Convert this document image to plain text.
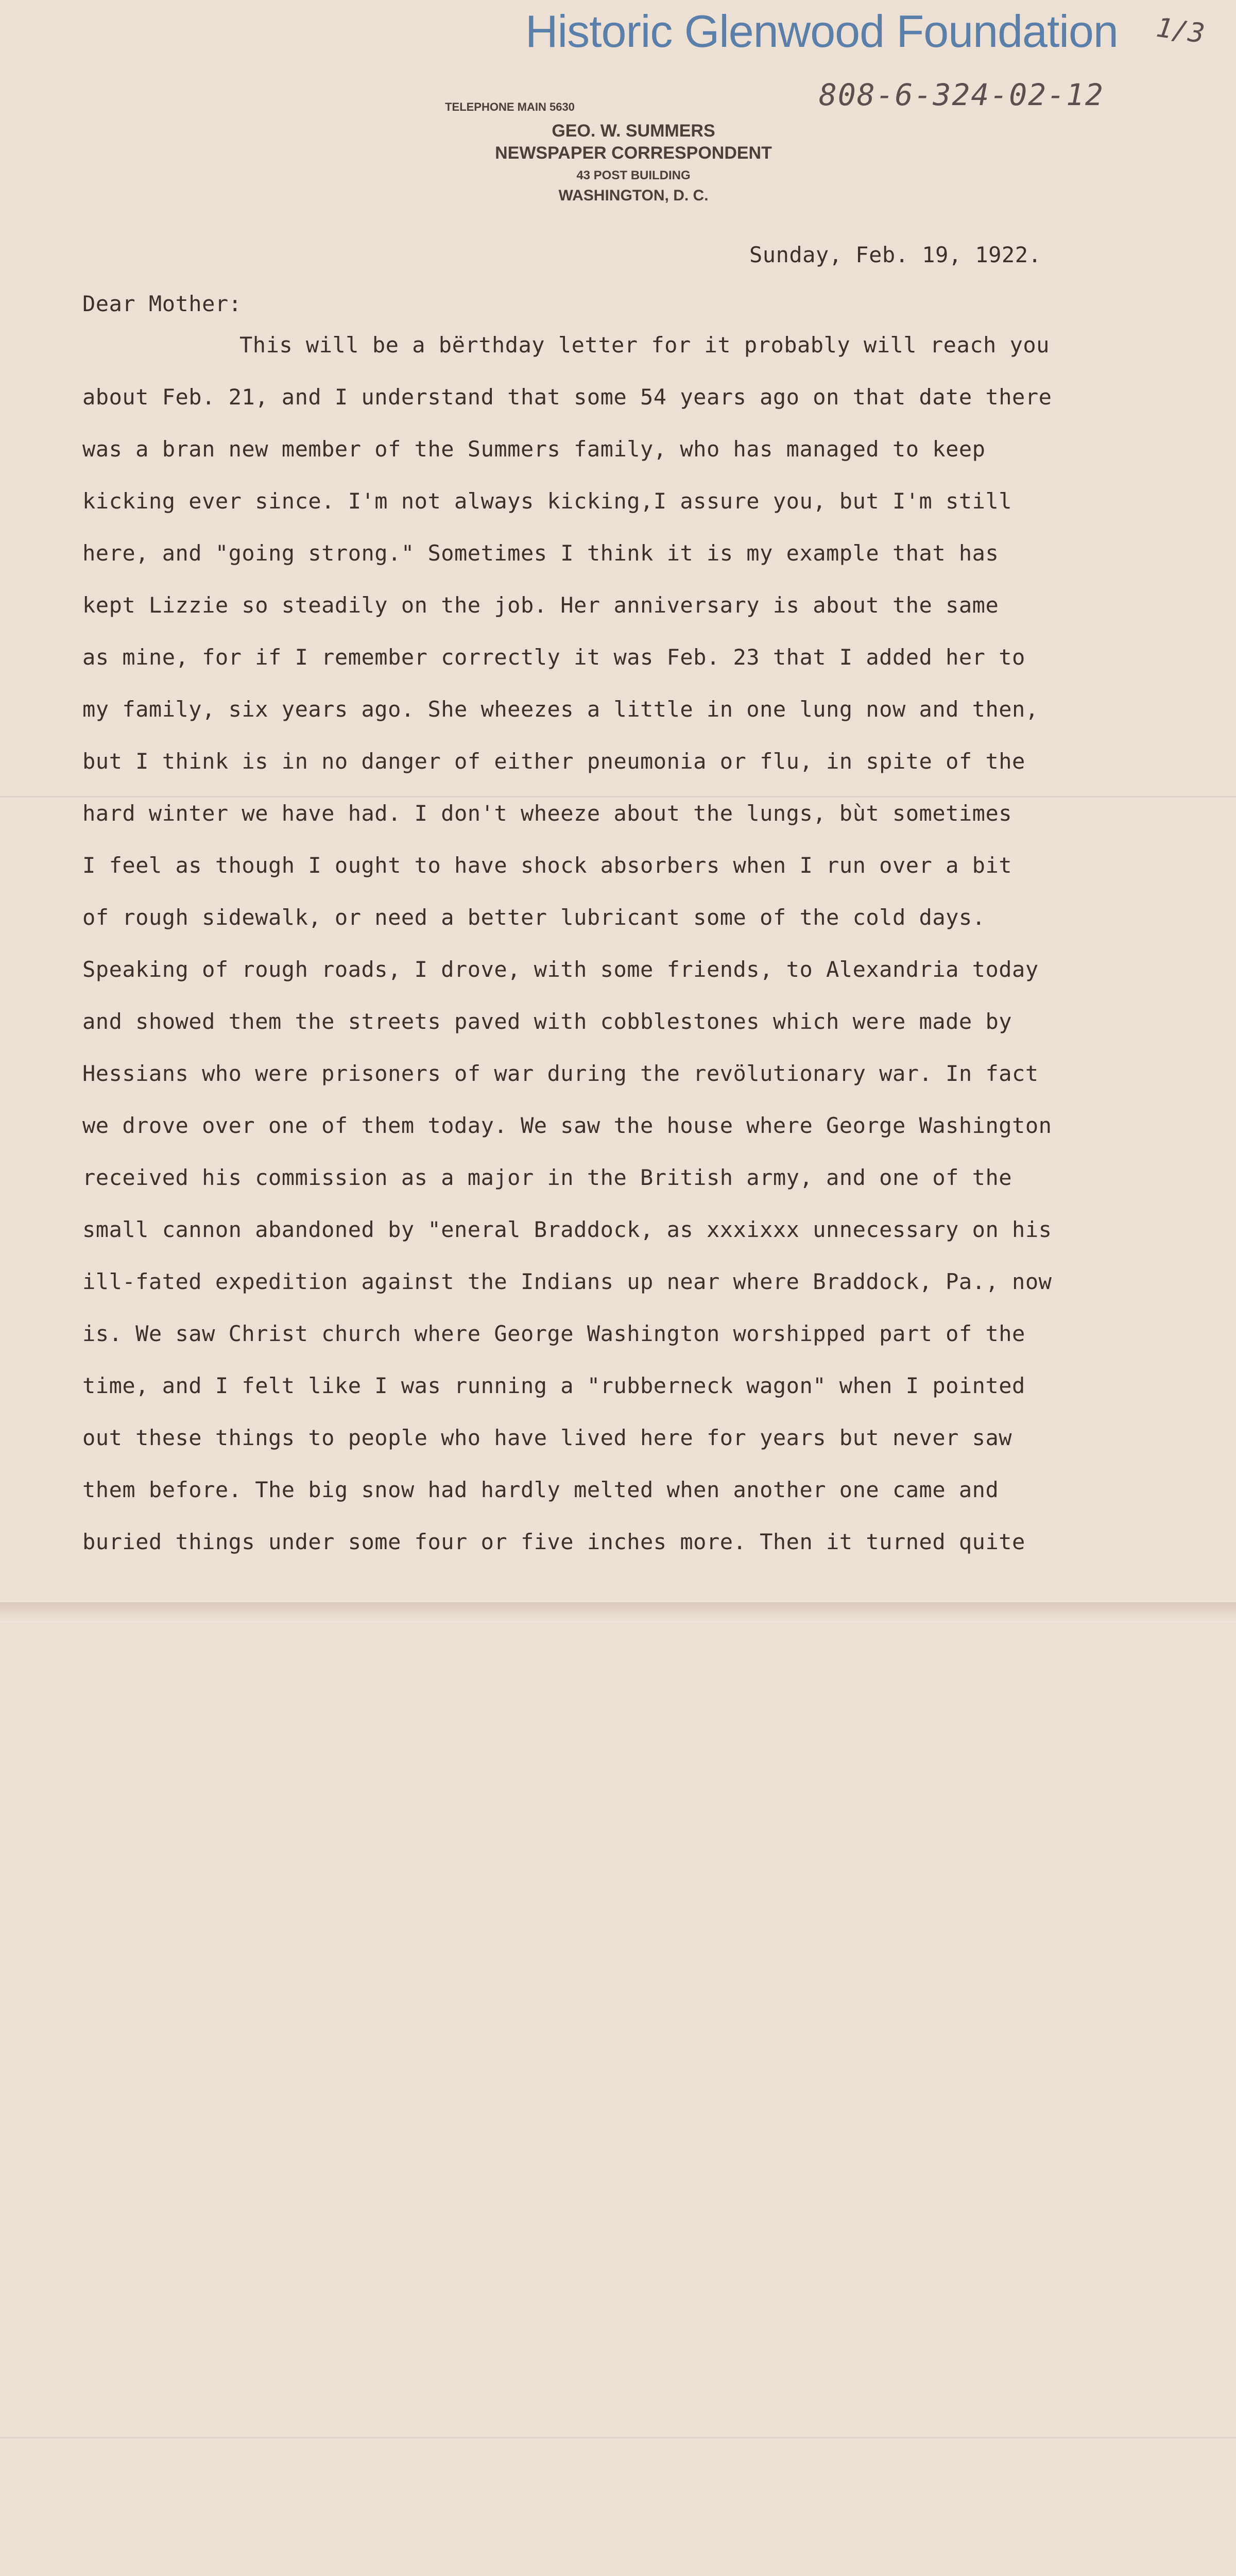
Historic Glenwood Foundation 1/3
808-6-324-02-12
TELEPHONE MAIN 5630
GEO. W. SUMMERS
NEWSPAPER CORRESPONDENT
43 POST BUILDING
WASHINGTON, D. C.
Sunday, Feb. 19, 1922.
Dear Mother:
This will be a bërthday letter for it probably will reach you
about Feb. 21, and I understand that some 54 years ago on that date there
was a bran new member of the Summers family, who has managed to keep
kicking ever since. I'm not always kicking,I assure you, but I'm still
here, and "going strong." Sometimes I think it is my example that has
kept Lizzie so steadily on the job. Her anniversary is about the same
as mine, for if I remember correctly it was Feb. 23 that I added her to
my family, six years ago. She wheezes a little in one lung now and then,
but I think is in no danger of either pneumonia or flu, in spite of the
hard winter we have had. I don't wheeze about the lungs, bùt sometimes
I feel as though I ought to have shock absorbers when I run over a bit
of rough sidewalk, or need a better lubricant some of the cold days.
Speaking of rough roads, I drove, with some friends, to Alexandria today
and showed them the streets paved with cobblestones which were made by
Hessians who were prisoners of war during the revölutionary war. In fact
we drove over one of them today. We saw the house where George Washington
received his commission as a major in the British army, and one of the
small cannon abandoned by "eneral Braddock, as xxxixxx unnecessary on his
ill-fated expedition against the Indians up near where Braddock, Pa., now
is. We saw Christ church where George Washington worshipped part of the
time, and I felt like I was running a "rubberneck wagon" when I pointed
out these things to people who have lived here for years but never saw
them before. The big snow had hardly melted when another one came and
buried things under some four or five inches more. Then it turned quite
